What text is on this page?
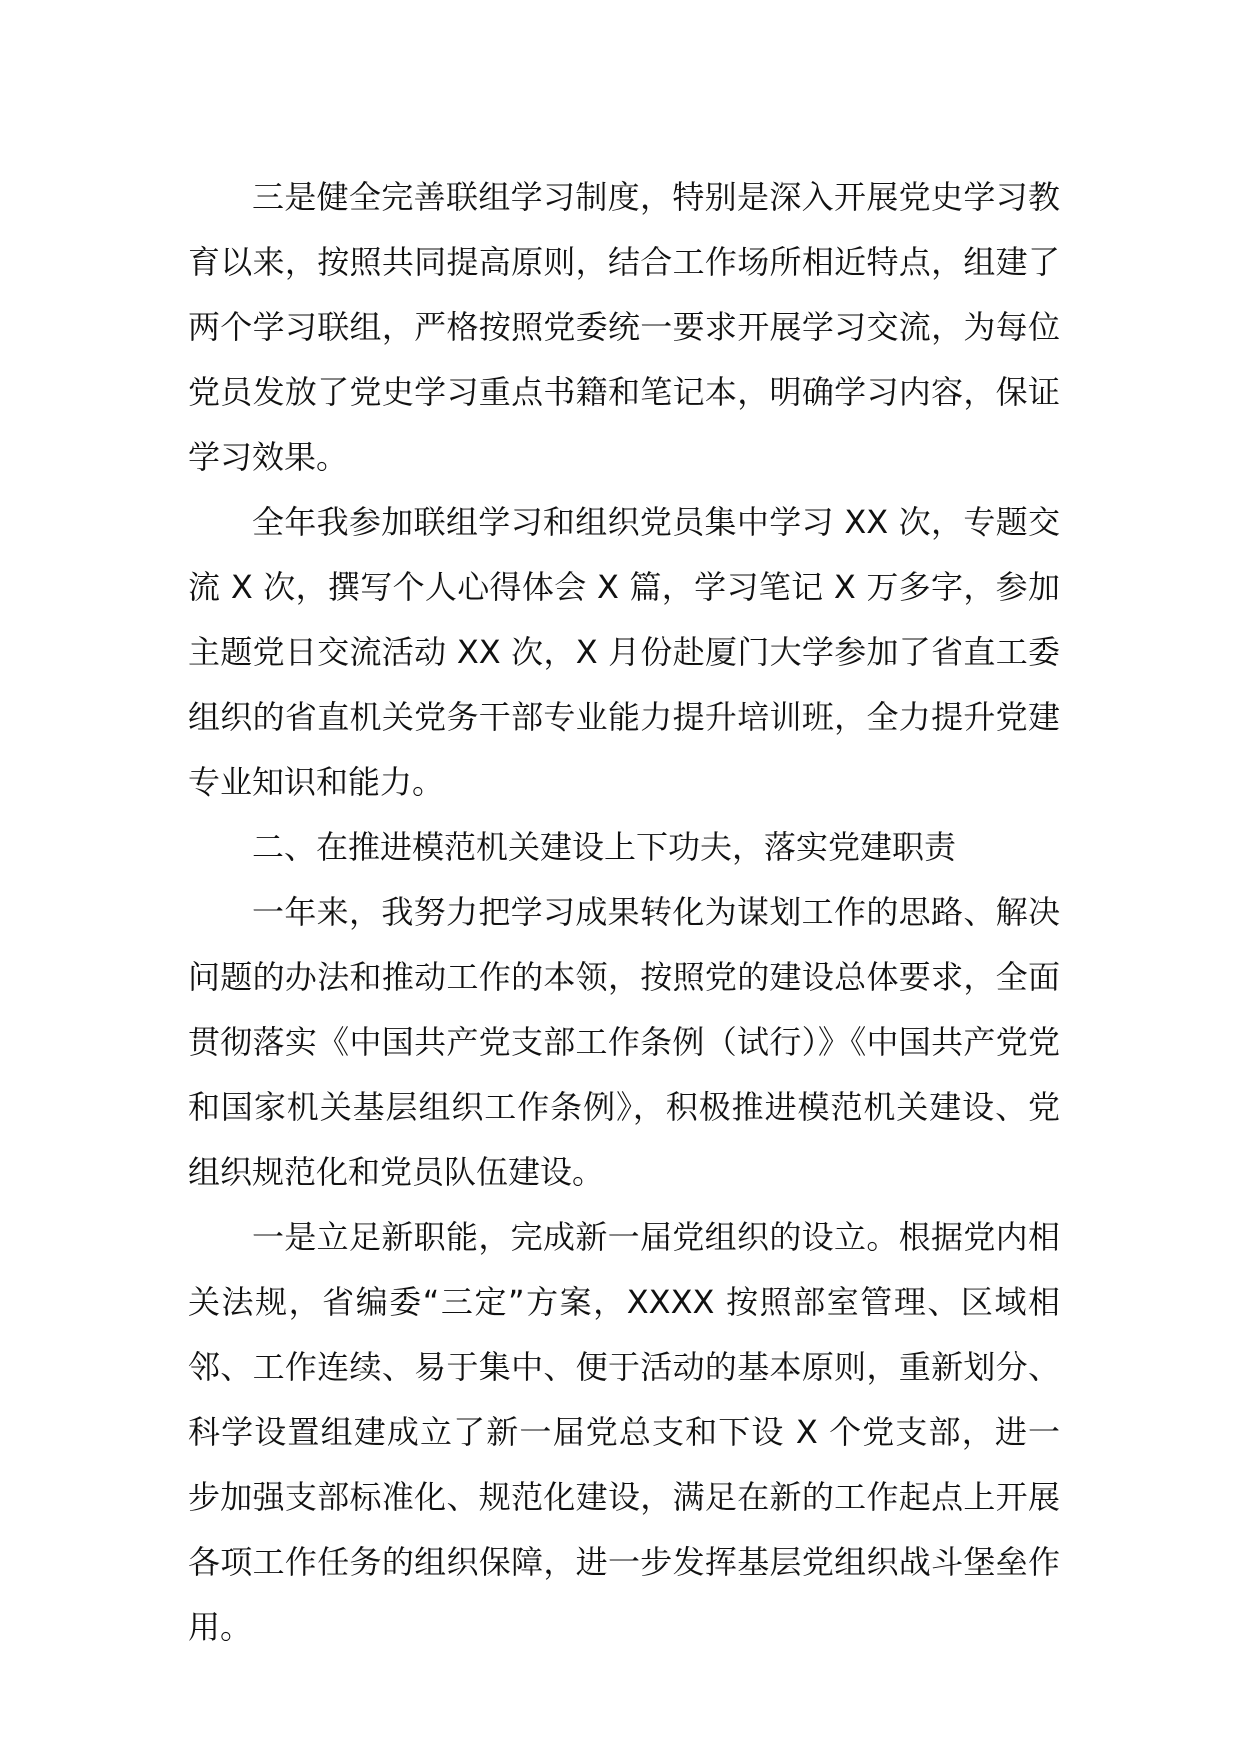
三是健全完善联组学习制度，特别是深入开展党史学习教育以来，按照共同提高原则，结合工作场所相近特点，组建了两个学习联组，严格按照党委统一要求开展学习交流，为每位党员发放了党史学习重点书籍和笔记本，明确学习内容，保证学习效果。

全年我参加联组学习和组织党员集中学习 XX 次，专题交流 X 次，撰写个人心得体会 X 篇，学习笔记 X 万多字，参加主题党日交流活动 XX 次，X 月份赴厦门大学参加了省直工委组织的省直机关党务干部专业能力提升培训班，全力提升党建专业知识和能力。

二、在推进模范机关建设上下功夫，落实党建职责

一年来，我努力把学习成果转化为谋划工作的思路、解决问题的办法和推动工作的本领，按照党的建设总体要求，全面贯彻落实《中国共产党支部工作条例（试行）》《中国共产党党和国家机关基层组织工作条例》，积极推进模范机关建设、党组织规范化和党员队伍建设。

一是立足新职能，完成新一届党组织的设立。根据党内相关法规，省编委“三定”方案，XXXX 按照部室管理、区域相邻、工作连续、易于集中、便于活动的基本原则，重新划分、科学设置组建成立了新一届党总支和下设 X 个党支部，进一步加强支部标准化、规范化建设，满足在新的工作起点上开展各项工作任务的组织保障，进一步发挥基层党组织战斗堡垒作用。
